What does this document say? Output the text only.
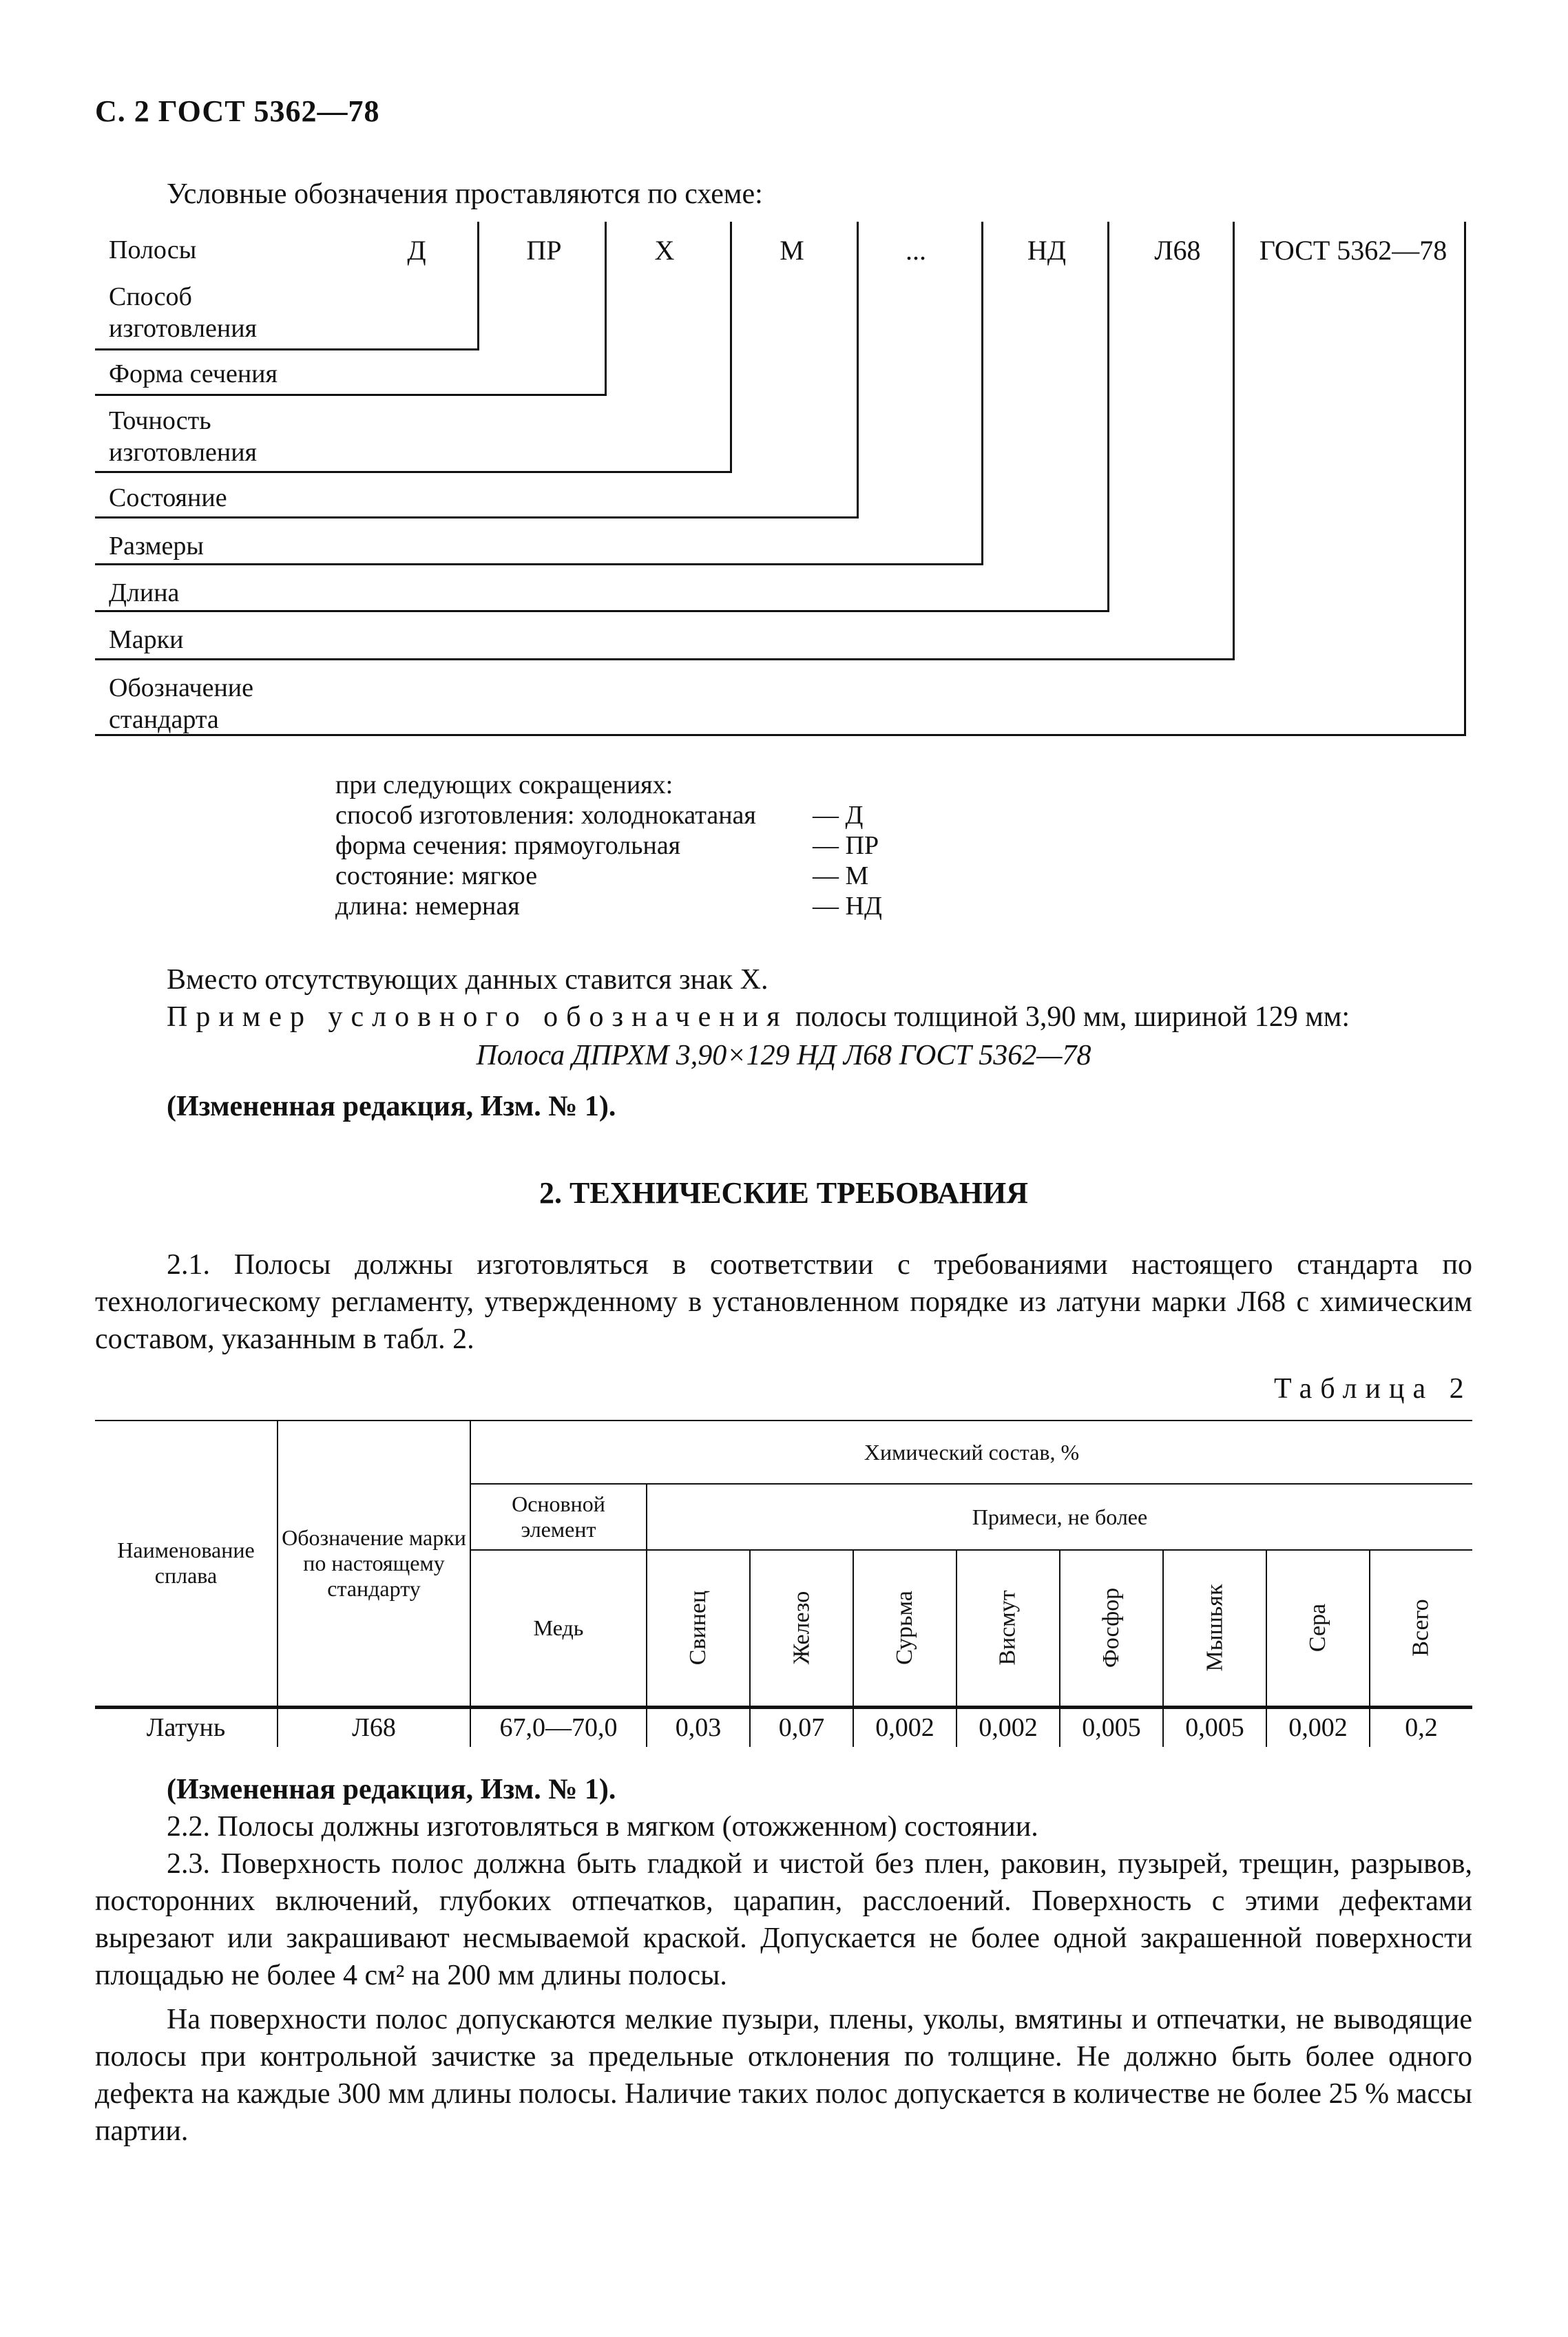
С. 2 ГОСТ 5362—78
Условные обозначения проставляются по схеме:
Д	ПР	Х	М	...	НД	Л68	ГОСТ 5362—78
Полосы
Способ изготовления
Форма сечения
Точность изготовления
Состояние
Размеры
Длина
Марки
Обозначение стандарта
при следующих сокращениях:
способ изготовления: холоднокатаная — Д
форма сечения: прямоугольная	— ПР
состояние: мягкое	— М
длина: немерная	— НД
Вместо отсутствующих данных ставится знак Х.
Пример условного обозначения полосы толщиной 3,90 мм, шириной 129 мм:
Полоса ДПРХМ 3,90×129 НД Л68 ГОСТ 5362—78
(Измененная редакция, Изм. № 1).
2. ТЕХНИЧЕСКИЕ ТРЕБОВАНИЯ
2.1. Полосы должны изготовляться в соответствии с требованиями настоящего стандарта по технологическому регламенту, утвержденному в установленном порядке из латуни марки Л68 с химическим составом, указанным в табл. 2.
Таблица 2
Наименование сплава	Обозначение марки по настоящему стандарту	Химический состав, %								
		Основной элемент	Примеси, не более							
		Медь	Свинец	Железо	Сурьма	Висмут	Фосфор	Мышьяк	Сера	Всего
Латунь	Л68	67,0—70,0	0,03	0,07	0,002	0,002	0,005	0,005	0,002	0,2
(Измененная редакция, Изм. № 1).
2.2. Полосы должны изготовляться в мягком (отожженном) состоянии.
2.3. Поверхность полос должна быть гладкой и чистой без плен, раковин, пузырей, трещин, разрывов, посторонних включений, глубоких отпечатков, царапин, расслоений. Поверхность с этими дефектами вырезают или закрашивают несмываемой краской. Допускается не более одной закрашенной поверхности площадью не более 4 см² на 200 мм длины полосы.
На поверхности полос допускаются мелкие пузыри, плены, уколы, вмятины и отпечатки, не выводящие полосы при контрольной зачистке за предельные отклонения по толщине. Не должно быть более одного дефекта на каждые 300 мм длины полосы. Наличие таких полос допускается в количестве не более 25 % массы партии.
